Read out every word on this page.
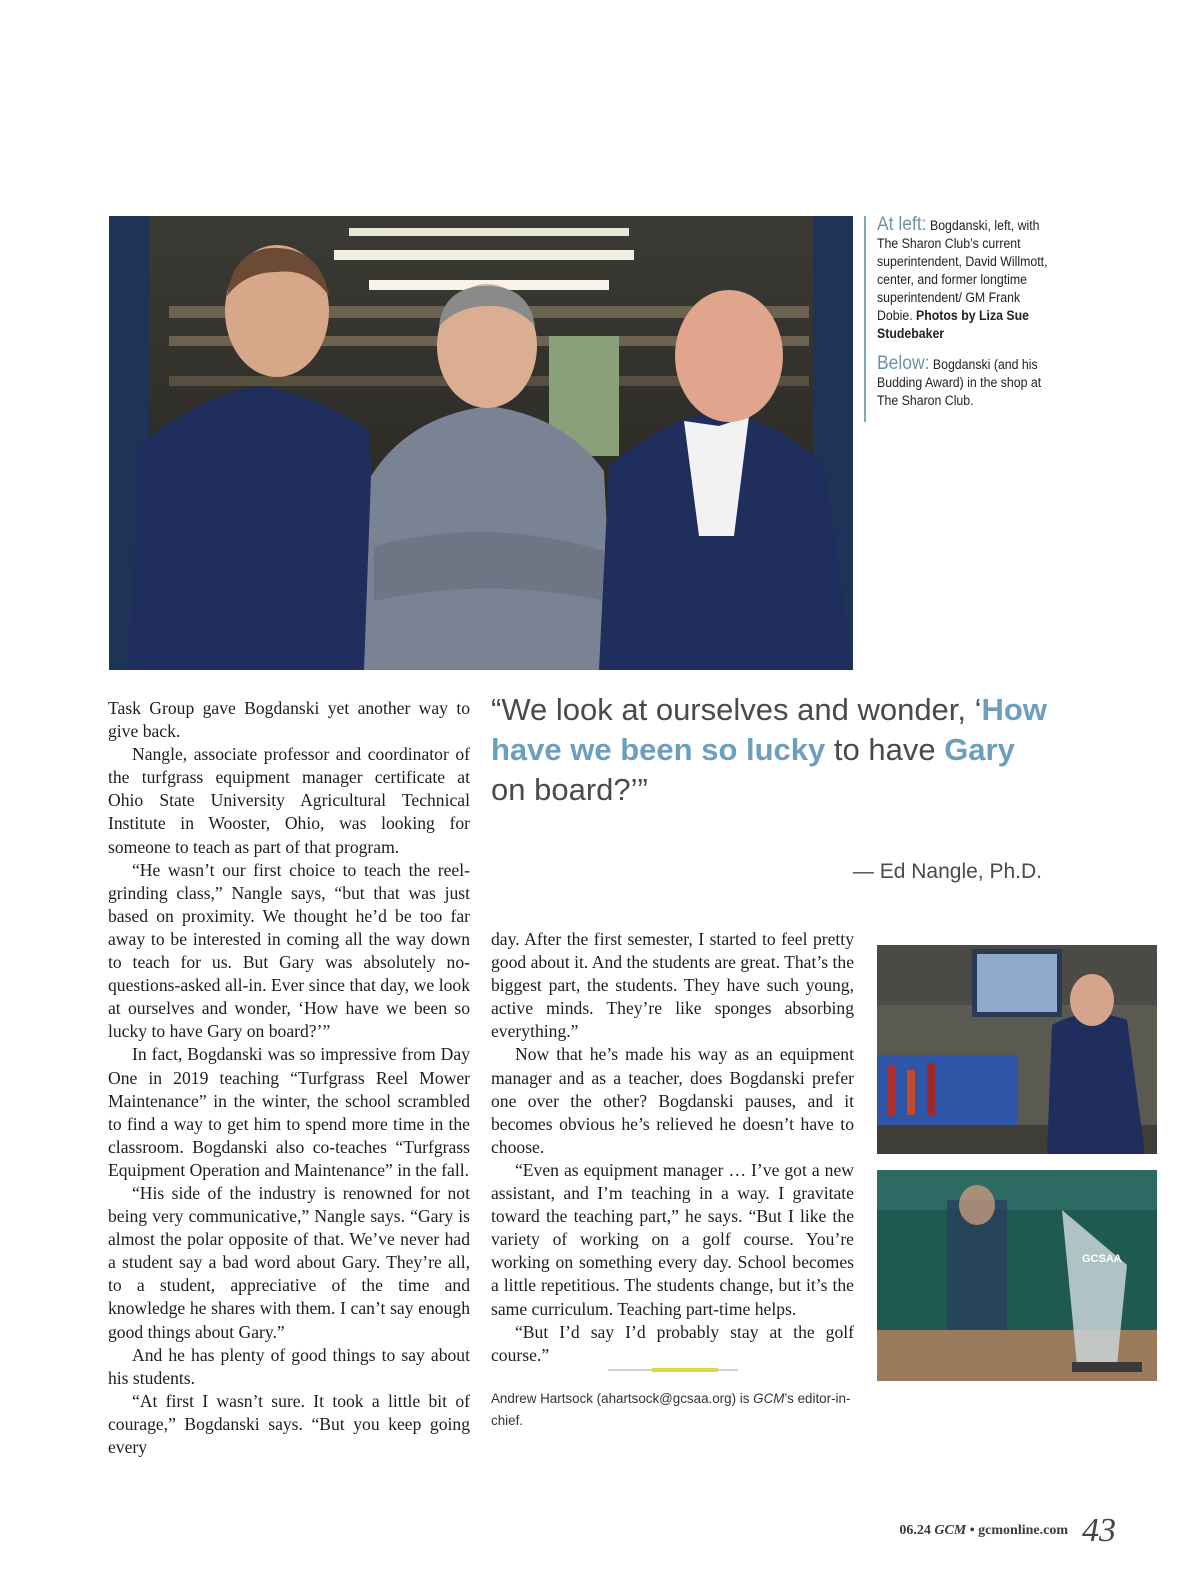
At left: Bogdanski, left, with The Sharon Club’s current superintendent, David Willmott, center, and former longtime superintendent/ GM Frank Dobie. Photos by Liza Sue Studebaker

Below: Bogdanski (and his Budding Award) in the shop at The Sharon Club.

Task Group gave Bogdanski yet another way to give back.

Nangle, associate professor and coordinator of the turfgrass equipment manager certificate at Ohio State University Agricultural Technical Institute in Wooster, Ohio, was looking for someone to teach as part of that program.

“He wasn’t our first choice to teach the reel-grinding class,” Nangle says, “but that was just based on proximity. We thought he’d be too far away to be interested in coming all the way down to teach for us. But Gary was absolutely no-questions-asked all-in. Ever since that day, we look at ourselves and wonder, ‘How have we been so lucky to have Gary on board?’”

In fact, Bogdanski was so impressive from Day One in 2019 teaching “Turfgrass Reel Mower Maintenance” in the winter, the school scrambled to find a way to get him to spend more time in the classroom. Bogdanski also co-teaches “Turfgrass Equipment Operation and Maintenance” in the fall.

“His side of the industry is renowned for not being very communicative,” Nangle says. “Gary is almost the polar opposite of that. We’ve never had a student say a bad word about Gary. They’re all, to a student, appreciative of the time and knowledge he shares with them. I can’t say enough good things about Gary.”

And he has plenty of good things to say about his students.

“At first I wasn’t sure. It took a little bit of courage,” Bogdanski says. “But you keep going every

“We look at ourselves and wonder, ‘How have we been so lucky to have Gary on board?’”
— Ed Nangle, Ph.D.

day. After the first semester, I started to feel pretty good about it. And the students are great. That’s the biggest part, the students. They have such young, active minds. They’re like sponges absorbing everything.”

Now that he’s made his way as an equipment manager and as a teacher, does Bogdanski prefer one over the other? Bogdanski pauses, and it becomes obvious he’s relieved he doesn’t have to choose.

“Even as equipment manager … I’ve got a new assistant, and I’m teaching in a way. I gravitate toward the teaching part,” he says. “But I like the variety of working on a golf course. You’re working on something every day. School becomes a little repetitious. The students change, but it’s the same curriculum. Teaching part-time helps.

“But I’d say I’d probably stay at the golf course.”

Andrew Hartsock (ahartsock@gcsaa.org) is GCM’s editor-in-chief.
GCSAA
06.24 GCM • gcmonline.com 43
